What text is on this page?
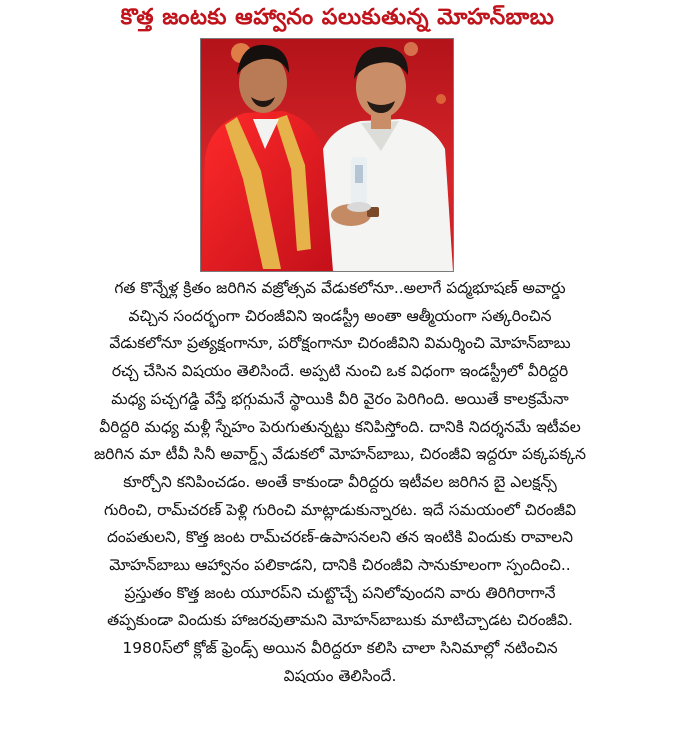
కొత్త జంటకు ఆహ్వానం పలుకుతున్న మోహన్‌బాబు

గత కొన్నేళ్ల క్రితం జరిగిన వజ్రోత్సవ వేడుకలోనూ..అలాగే పద్మభూషణ్ అవార్డు

వచ్చిన సందర్భంగా చిరంజీవిని ఇండస్ట్రీ అంతా ఆత్మీయంగా సత్కరించిన

వేడుకలోనూ ప్రత్యక్షంగానూ, పరోక్షంగానూ చిరంజీవిని విమర్శించి మోహన్‌బాబు

రచ్చ చేసిన విషయం తెలిసిందే. అప్పటి నుంచి ఒక విధంగా ఇండస్ట్రీలో వీరిద్దరి

మధ్య పచ్చగడ్డి వేస్తే భగ్గుమనే స్థాయికి వీరి వైరం పెరిగింది. అయితే కాలక్రమేనా

వీరిద్దరి మధ్య మళ్లీ స్నేహం పెరుగుతున్నట్టు కనిపిస్తోంది. దానికి నిదర్శనమే ఇటీవల

జరిగిన మా టీవీ సినీ అవార్డ్స్ వేడుకలో మోహన్‌బాబు, చిరంజీవి ఇద్దరూ పక్కపక్కన

కూర్చోని కనిపించడం. అంతే కాకుండా వీరిద్దరు ఇటీవల జరిగిన బై ఎలక్షన్స్

గురించి, రామ్‌చరణ్ పెళ్లి గురించి మాట్లాడుకున్నారట. ఇదే సమయంలో చిరంజీవి

దంపతులని, కొత్త జంట రామ్‌చరణ్-ఉపాసనలని తన ఇంటికి విందుకు రావాలని

మోహన్‌బాబు ఆహ్వానం పలికాడని, దానికి చిరంజీవి సానుకూలంగా స్పందించి..

ప్రస్తుతం కొత్త జంట యూరప్‌ని చుట్టొచ్చే పనిలోవుందని వారు తిరిగిరాగానే

తప్పకుండా విందుకు హాజరవుతామని మోహన్‌బాబుకు మాటిచ్చాడట చిరంజీవి.

1980స్‌లో క్లోజ్ ఫ్రెండ్స్ అయిన వీరిద్దరూ కలిసి చాలా సినిమాల్లో నటించిన

విషయం తెలిసిందే.
